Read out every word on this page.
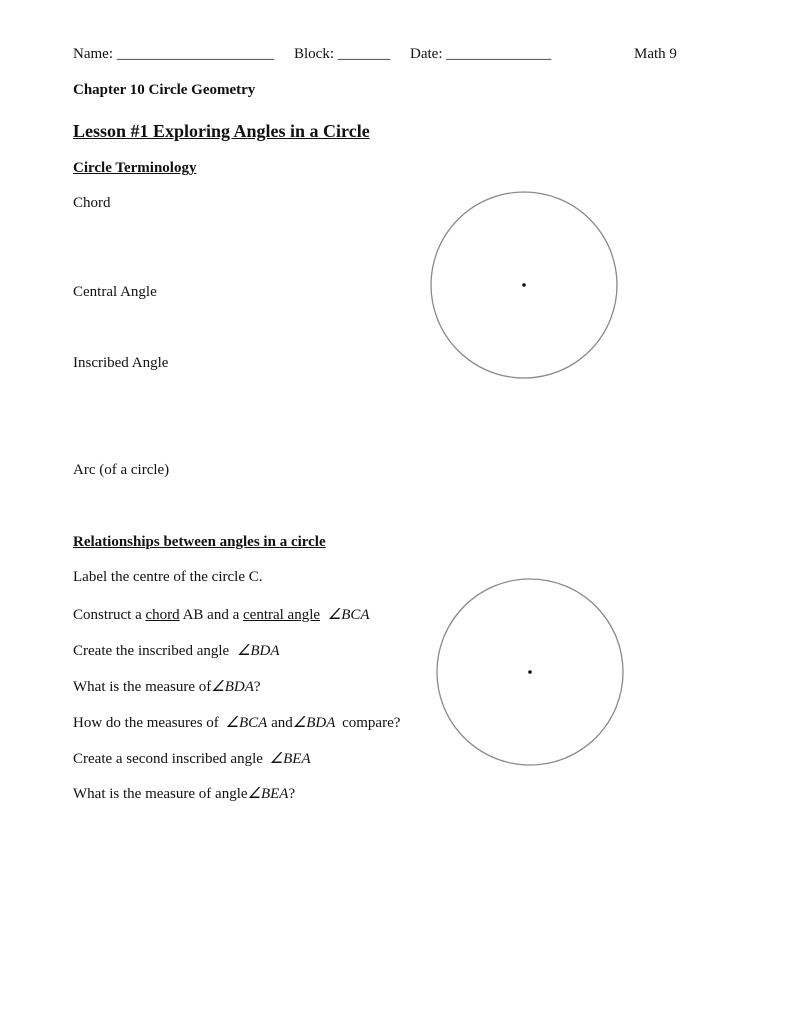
Name: _____________________ Block: _______ Date: ______________	Math 9
Chapter 10 Circle Geometry
Lesson #1 Exploring Angles in a Circle
Circle Terminology
Chord
Central Angle
Inscribed Angle
Arc (of a circle)
Relationships between angles in a circle
Label the centre of the circle C.
Construct a chord AB and a central angle ∠BCA
Create the inscribed angle ∠BDA
What is the measure of∠BDA?
How do the measures of ∠BCA and∠BDA compare?
Create a second inscribed angle ∠BEA
What is the measure of angle∠BEA?
